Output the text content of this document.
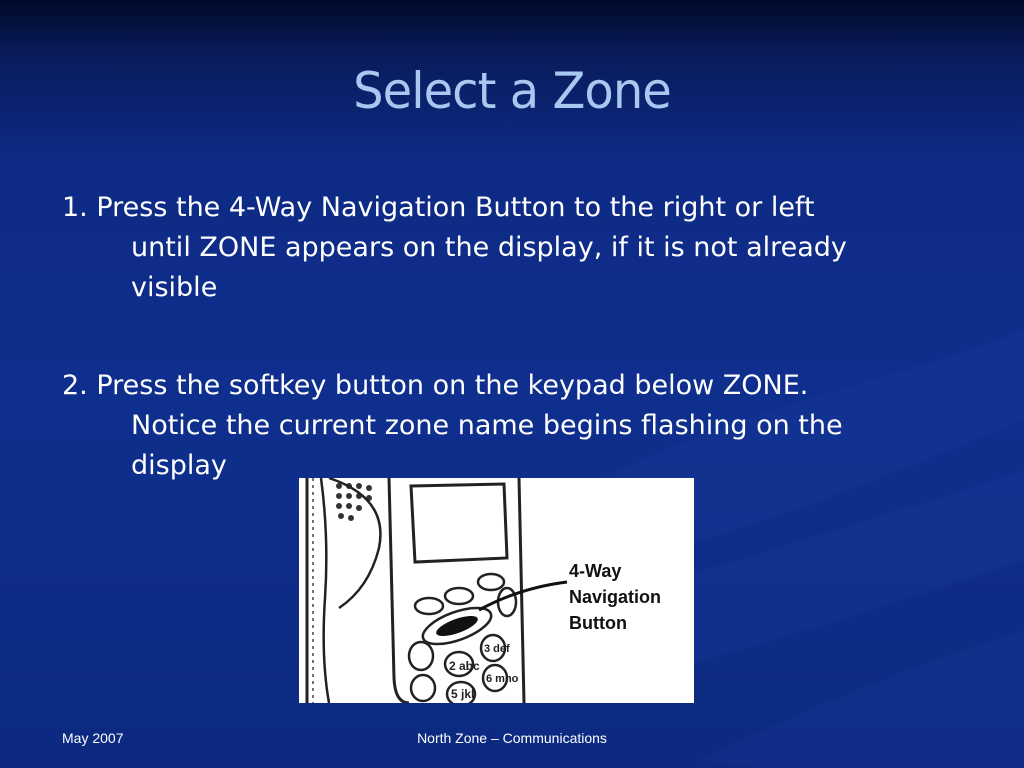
Select a Zone
1. Press the 4-Way Navigation Button to the right or left
until ZONE appears on the display, if it is not already
visible
2. Press the softkey button on the keypad below ZONE.
Notice the current zone name begins flashing on the
display
2 abc
3 def
5 jkl
6 mno
4-Way
Navigation
Button
May 2007	North Zone – Communications
